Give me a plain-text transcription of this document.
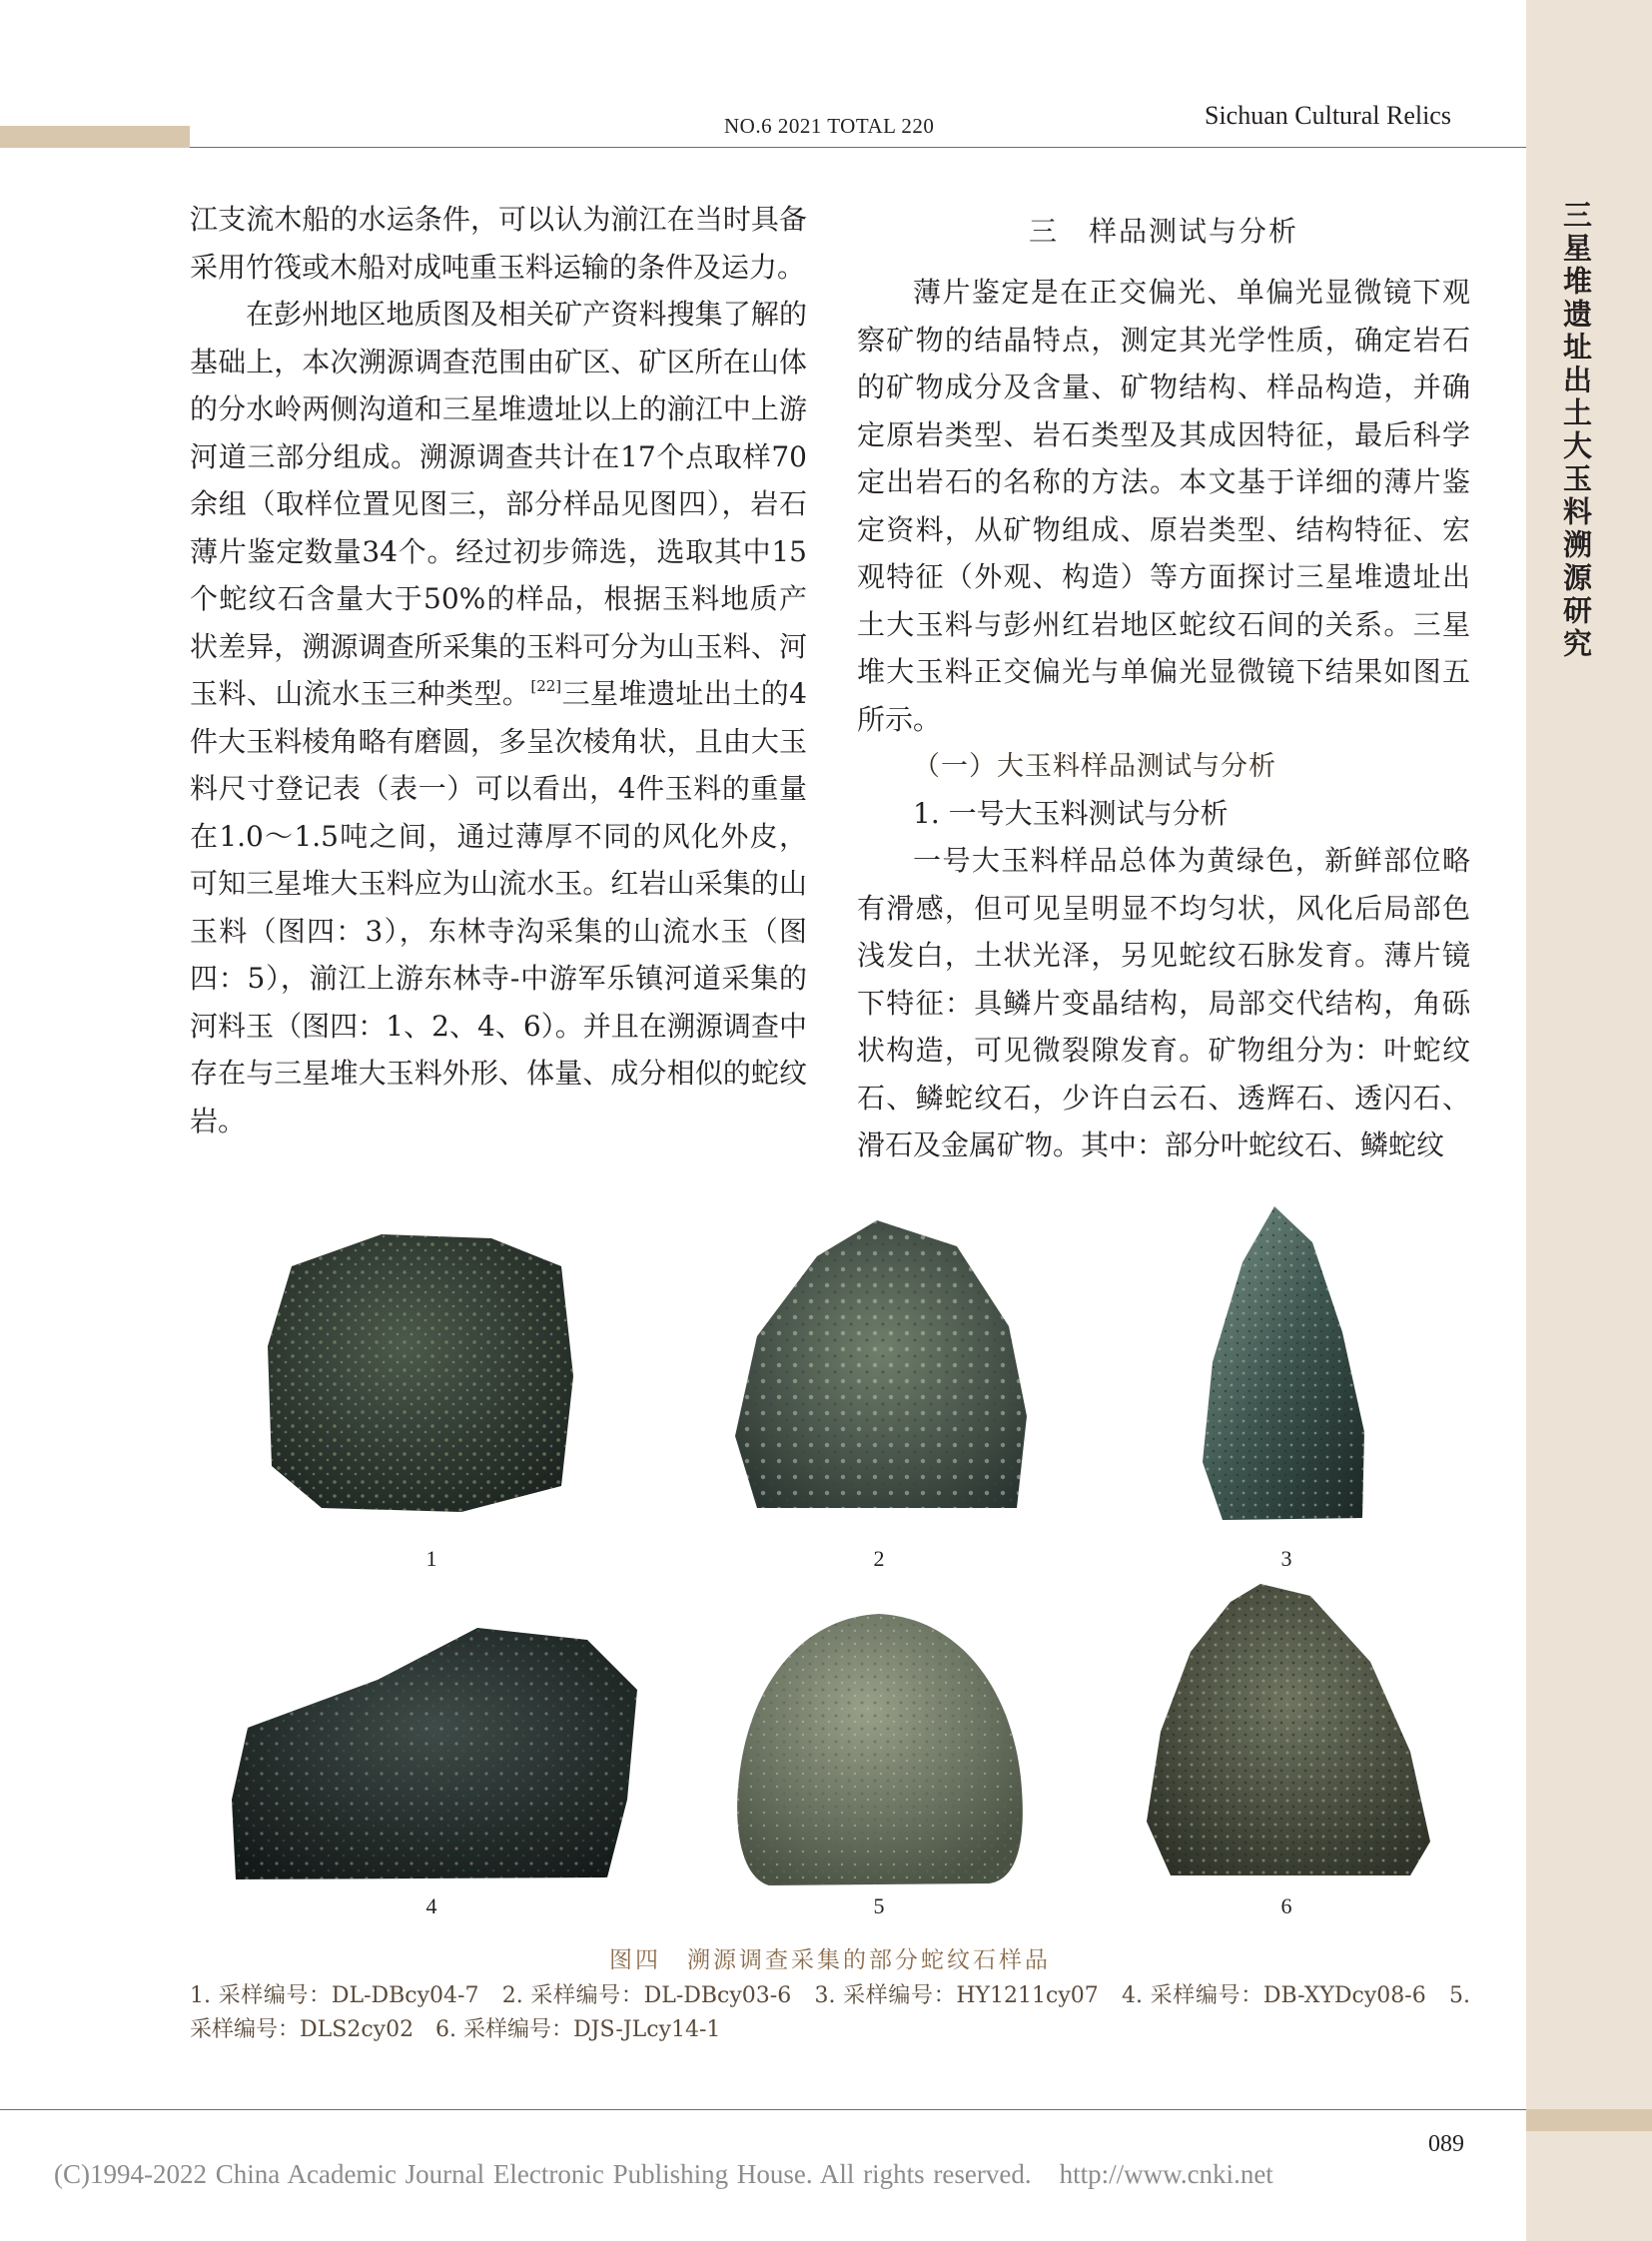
三星堆遗址出土大玉料溯源研究
NO.6 2021 TOTAL 220	Sichuan Cultural Relics

江支流木船的水运条件，可以认为湔江在当时具备采用竹筏或木船对成吨重玉料运输的条件及运力。

在彭州地区地质图及相关矿产资料搜集了解的基础上，本次溯源调查范围由矿区、矿区所在山体的分水岭两侧沟道和三星堆遗址以上的湔江中上游河道三部分组成。溯源调查共计在17个点取样70余组（取样位置见图三，部分样品见图四），岩石薄片鉴定数量34个。经过初步筛选，选取其中15个蛇纹石含量大于50%的样品，根据玉料地质产状差异，溯源调查所采集的玉料可分为山玉料、河玉料、山流水玉三种类型。[22]三星堆遗址出土的4件大玉料棱角略有磨圆，多呈次棱角状，且由大玉料尺寸登记表（表一）可以看出，4件玉料的重量在1.0～1.5吨之间，通过薄厚不同的风化外皮，可知三星堆大玉料应为山流水玉。红岩山采集的山玉料（图四：3），东林寺沟采集的山流水玉（图四：5），湔江上游东林寺-中游军乐镇河道采集的河料玉（图四：1、2、4、6）。并且在溯源调查中存在与三星堆大玉料外形、体量、成分相似的蛇纹岩。

三　样品测试与分析

薄片鉴定是在正交偏光、单偏光显微镜下观察矿物的结晶特点，测定其光学性质，确定岩石的矿物成分及含量、矿物结构、样品构造，并确定原岩类型、岩石类型及其成因特征，最后科学定出岩石的名称的方法。本文基于详细的薄片鉴定资料，从矿物组成、原岩类型、结构特征、宏观特征（外观、构造）等方面探讨三星堆遗址出土大玉料与彭州红岩地区蛇纹石间的关系。三星堆大玉料正交偏光与单偏光显微镜下结果如图五所示。

（一）大玉料样品测试与分析
1. 一号大玉料测试与分析

一号大玉料样品总体为黄绿色，新鲜部位略有滑感，但可见呈明显不均匀状，风化后局部色浅发白，土状光泽，另见蛇纹石脉发育。薄片镜下特征：具鳞片变晶结构，局部交代结构，角砾状构造，可见微裂隙发育。矿物组分为：叶蛇纹石、鳞蛇纹石，少许白云石、透辉石、透闪石、滑石及金属矿物。其中：部分叶蛇纹石、鳞蛇纹

1	2	3
4	5	6
图四　溯源调查采集的部分蛇纹石样品
1. 采样编号：DL-DBcy04-7　2. 采样编号：DL-DBcy03-6　3. 采样编号：HY1211cy07　4. 采样编号：DB-XYDcy08-6　5. 采样编号：DLS2cy02　6. 采样编号：DJS-JLcy14-1
089
(C)1994-2022 China Academic Journal Electronic Publishing House. All rights reserved. http://www.cnki.net
